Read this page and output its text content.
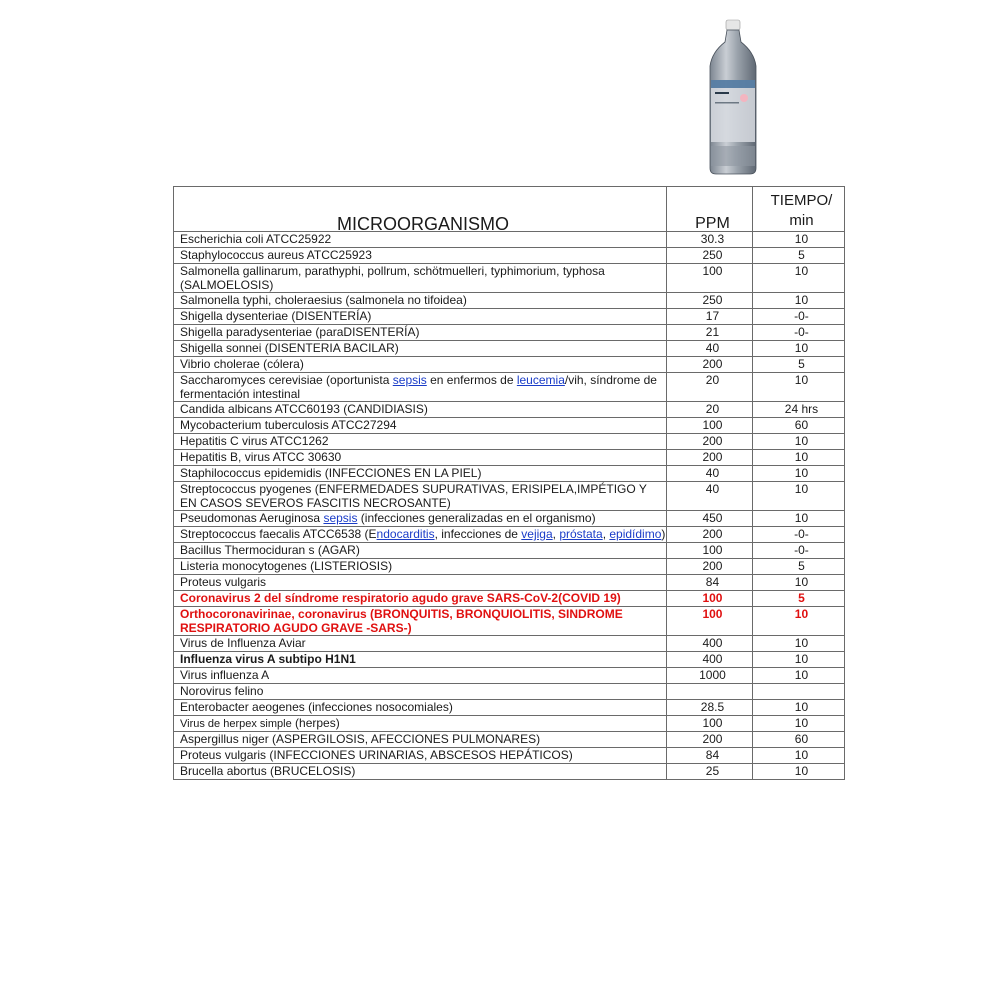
MICROORGANISMO	PPM	TIEMPO/
min
Escherichia coli ATCC25922	30.3	10
Staphylococcus aureus ATCC25923	250	5
Salmonella gallinarum, parathyphi, pollrum, schötmuelleri, typhimorium, typhosa (SALMOELOSIS)	100	10
Salmonella typhi, choleraesius (salmonela no tifoidea)	250	10
Shigella dysenteriae (DISENTERÍA)	17	-0-
Shigella paradysenteriae (paraDISENTERÍA)	21	-0-
Shigella sonnei (DISENTERIA BACILAR)	40	10
Vibrio cholerae (cólera)	200	5
Saccharomyces cerevisiae (oportunista sepsis en enfermos de leucemia/vih, síndrome de fermentación intestinal	20	10
Candida albicans ATCC60193 (CANDIDIASIS)	20	24 hrs
Mycobacterium tuberculosis ATCC27294	100	60
Hepatitis C virus ATCC1262	200	10
Hepatitis B, virus ATCC 30630	200	10
Staphilococcus epidemidis (INFECCIONES EN LA PIEL)	40	10
Streptococcus pyogenes (ENFERMEDADES SUPURATIVAS, ERISIPELA,IMPÉTIGO Y EN CASOS SEVEROS FASCITIS NECROSANTE)	40	10
Pseudomonas Aeruginosa sepsis (infecciones generalizadas en el organismo)	450	10
Streptococcus faecalis ATCC6538 (Endocarditis, infecciones de vejiga, próstata, epidídimo)	200	-0-
Bacillus Thermociduran s (AGAR)	100	-0-
Listeria monocytogenes (LISTERIOSIS)	200	5
Proteus vulgaris	84	10
Coronavirus 2 del síndrome respiratorio agudo grave SARS-CoV-2(COVID 19)	100	5
Orthocoronavirinae, coronavirus (BRONQUITIS, BRONQUIOLITIS, SINDROME RESPIRATORIO AGUDO GRAVE -SARS-)	100	10
Virus de Influenza Aviar	400	10
Influenza virus A subtipo H1N1	400	10
Virus influenza A	1000	10
Norovirus felino		
Enterobacter aeogenes (infecciones nosocomiales)	28.5	10
Virus de herpex simple (herpes)	100	10
Aspergillus niger (ASPERGILOSIS, AFECCIONES PULMONARES)	200	60
Proteus vulgaris (INFECCIONES URINARIAS, ABSCESOS HEPÁTICOS)	84	10
Brucella abortus (BRUCELOSIS)	25	10
